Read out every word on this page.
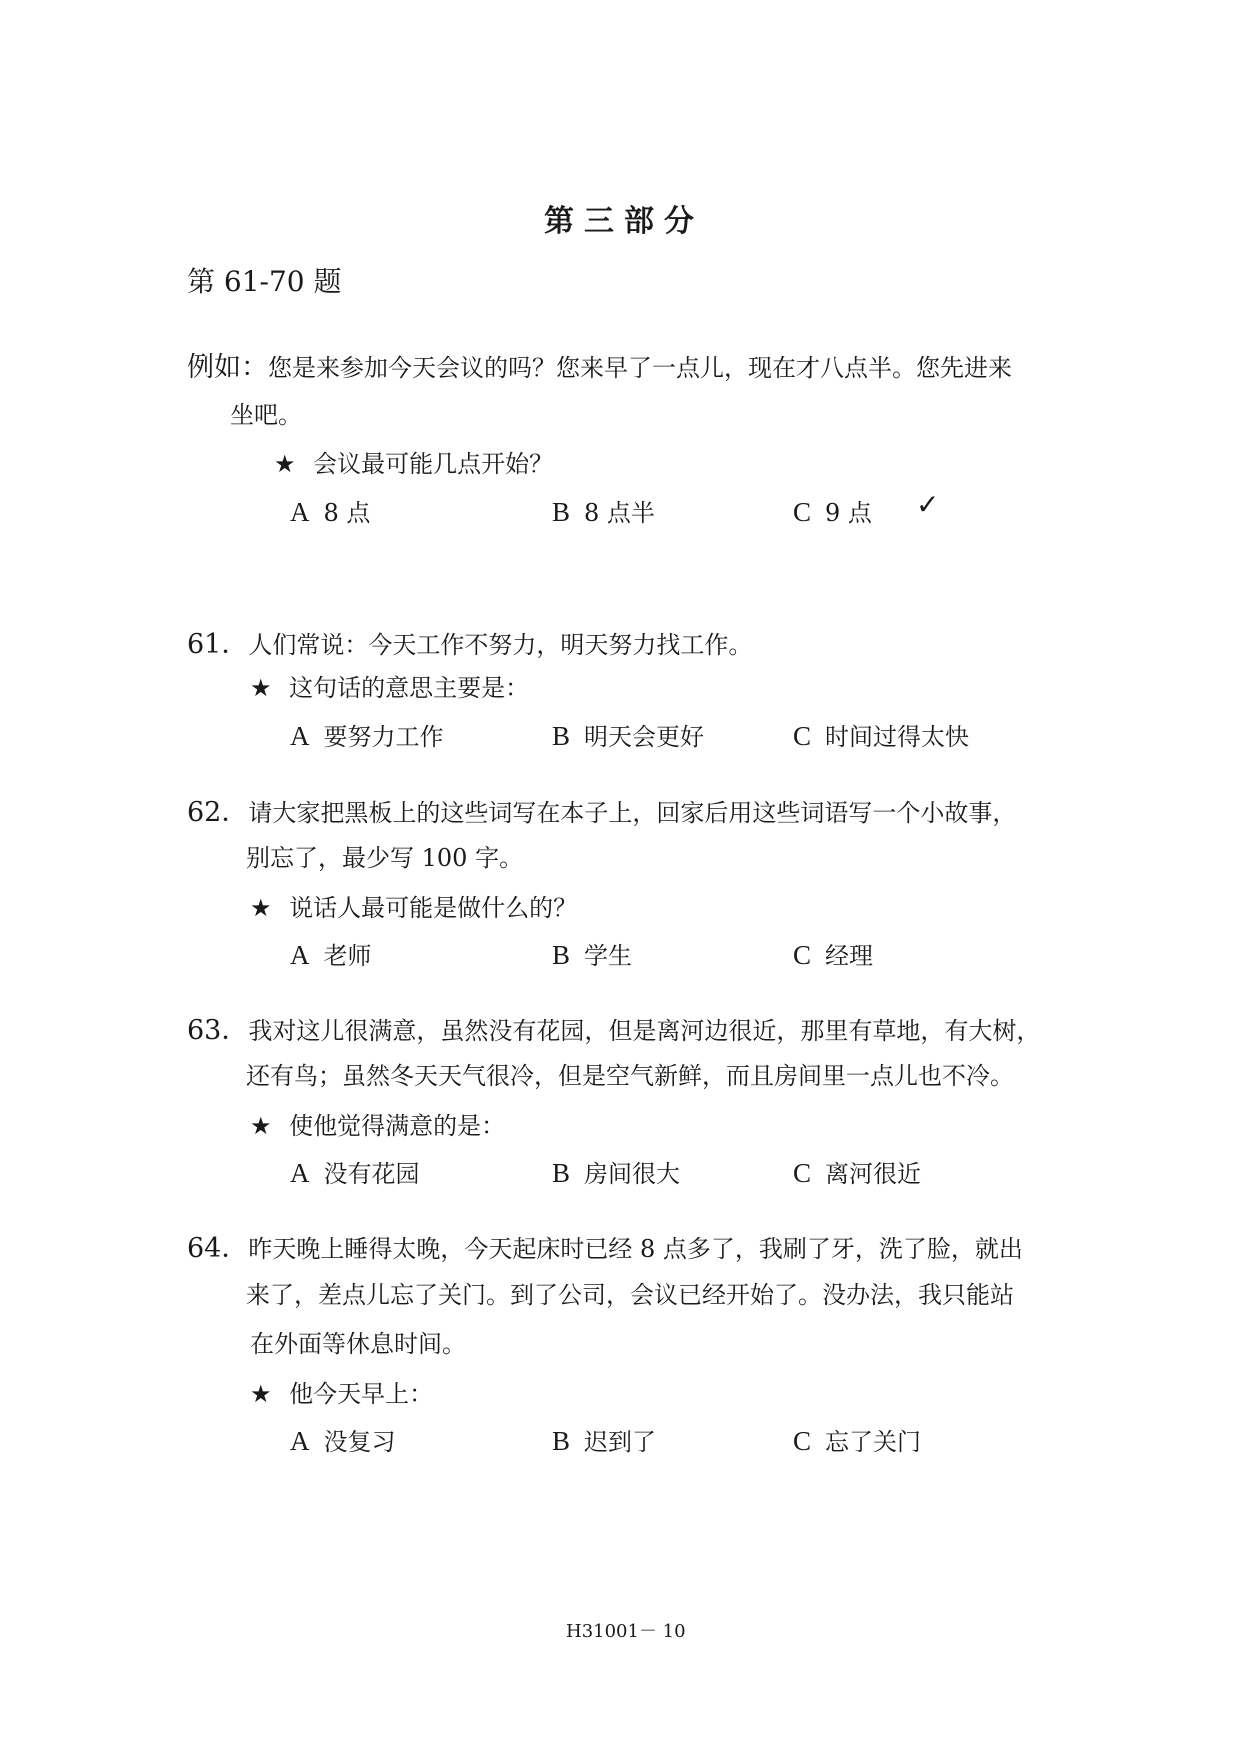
第三部分
第 61-70 题
例如：您是来参加今天会议的吗？您来早了一点儿，现在才八点半。您先进来
坐吧。
★ 会议最可能几点开始？
A 8 点	B 8 点半	C 9 点 ✓
61．人们常说：今天工作不努力，明天努力找工作。
★ 这句话的意思主要是：
A 要努力工作	B 明天会更好	C 时间过得太快
62．请大家把黑板上的这些词写在本子上，回家后用这些词语写一个小故事，
别忘了，最少写 100 字。
★ 说话人最可能是做什么的？
A 老师	B 学生	C 经理
63．我对这儿很满意，虽然没有花园，但是离河边很近，那里有草地，有大树，
还有鸟；虽然冬天天气很冷，但是空气新鲜，而且房间里一点儿也不冷。
★ 使他觉得满意的是：
A 没有花园	B 房间很大	C 离河很近
64．昨天晚上睡得太晚，今天起床时已经 8 点多了，我刷了牙，洗了脸，就出
来了，差点儿忘了关门。到了公司，会议已经开始了。没办法，我只能站
在外面等休息时间。
★ 他今天早上：
A 没复习	B 迟到了	C 忘了关门
H31001－ 10
